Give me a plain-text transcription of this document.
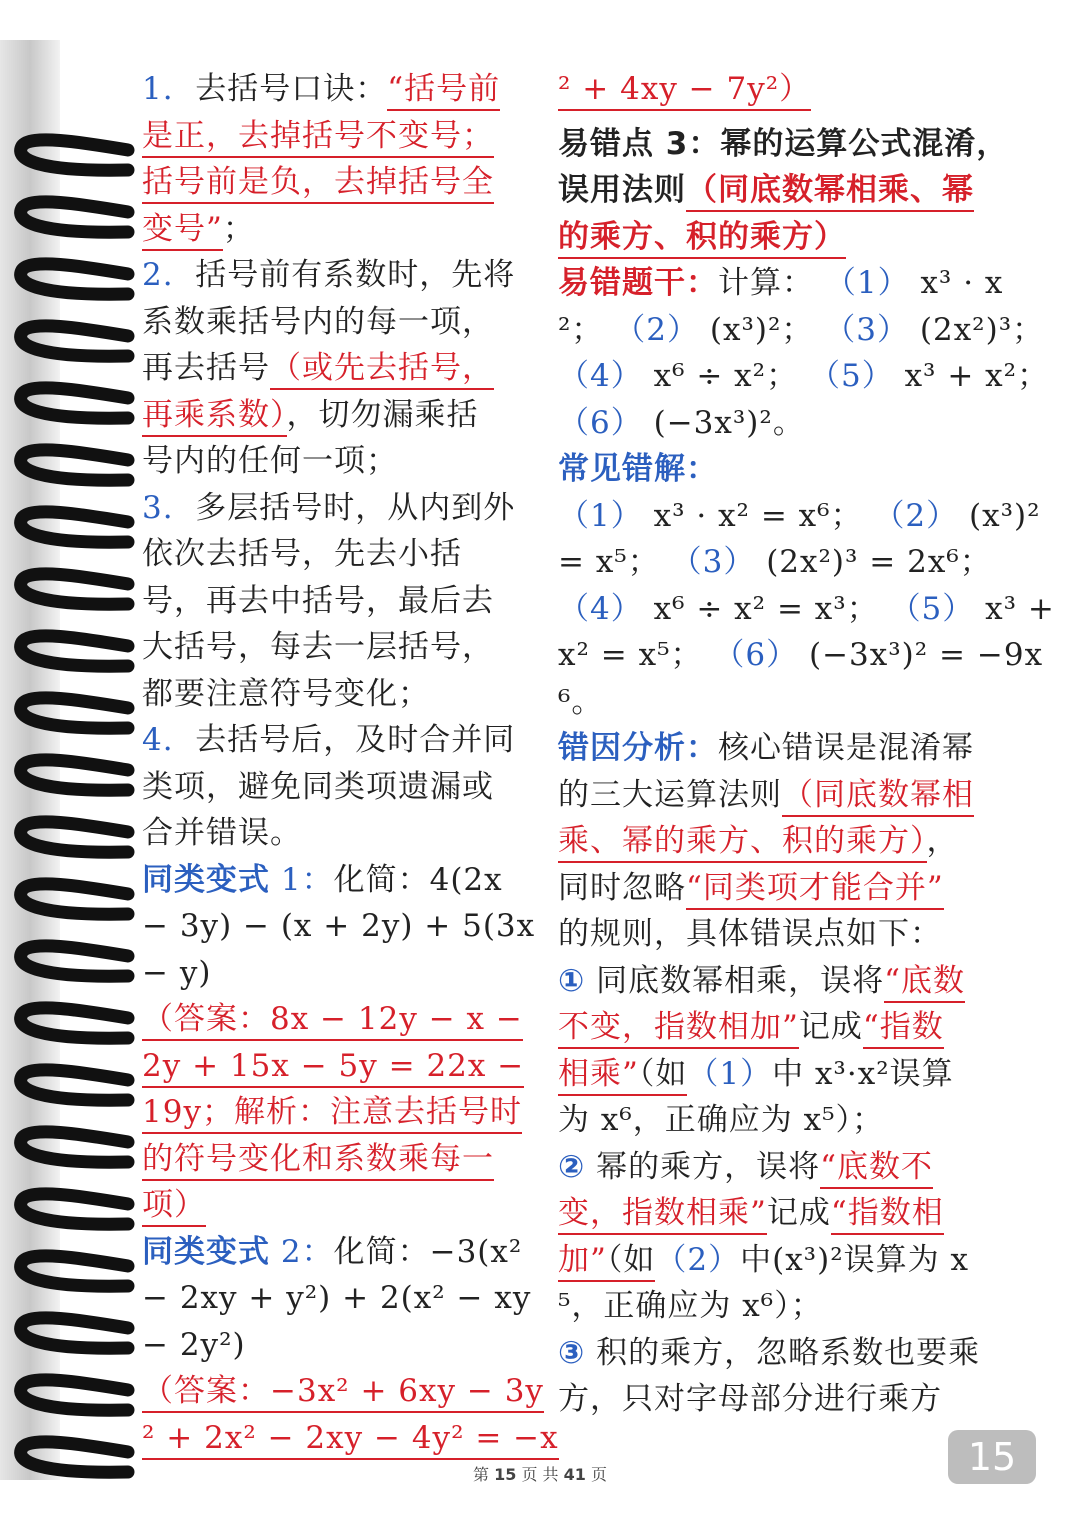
1. 去括号口诀：“括号前
是正，去掉括号不变号；
括号前是负，去掉括号全
变号”；
2. 括号前有系数时，先将
系数乘括号内的每一项，
再去括号（或先去括号，
再乘系数），切勿漏乘括
号内的任何一项；
3. 多层括号时，从内到外
依次去括号，先去小括
号，再去中括号，最后去
大括号，每去一层括号，
都要注意符号变化；
4. 去括号后，及时合并同
类项，避免同类项遗漏或
合并错误。
同类变式 1：化简：4(2x
− 3y) − (x + 2y) + 5(3x
− y)
（答案：8x − 12y − x −
2y + 15x − 5y = 22x −
19y；解析：注意去括号时
的符号变化和系数乘每一
项）
同类变式 2：化简：−3(x²
− 2xy + y²) + 2(x² − xy
− 2y²)
（答案：−3x² + 6xy − 3y
² + 2x² − 2xy − 4y² = −x
² + 4xy − 7y²）
易错点 3：幂的运算公式混淆，
误用法则（同底数幂相乘、幂
的乘方、积的乘方）
易错题干：计算： （1） x³ · x
²； （2） (x³)²； （3） (2x²)³；
（4） x⁶ ÷ x²； （5） x³ + x²；
（6） (−3x³)²。
常见错解：
（1） x³ · x² = x⁶； （2） (x³)²
= x⁵； （3） (2x²)³ = 2x⁶；
（4） x⁶ ÷ x² = x³； （5） x³ +
x² = x⁵； （6） (−3x³)² = −9x
⁶。
错因分析：核心错误是混淆幂
的三大运算法则（同底数幂相
乘、幂的乘方、积的乘方），
同时忽略“同类项才能合并”
的规则，具体错误点如下：
① 同底数幂相乘，误将“底数
不变，指数相加”记成“指数
相乘”（如（1）中 x³·x²误算
为 x⁶，正确应为 x⁵）；
② 幂的乘方，误将“底数不
变，指数相乘”记成“指数相
加”（如（2）中(x³)²误算为 x
⁵，正确应为 x⁶）；
③ 积的乘方，忽略系数也要乘
方，只对字母部分进行乘方
第 15 页 共 41 页	15
